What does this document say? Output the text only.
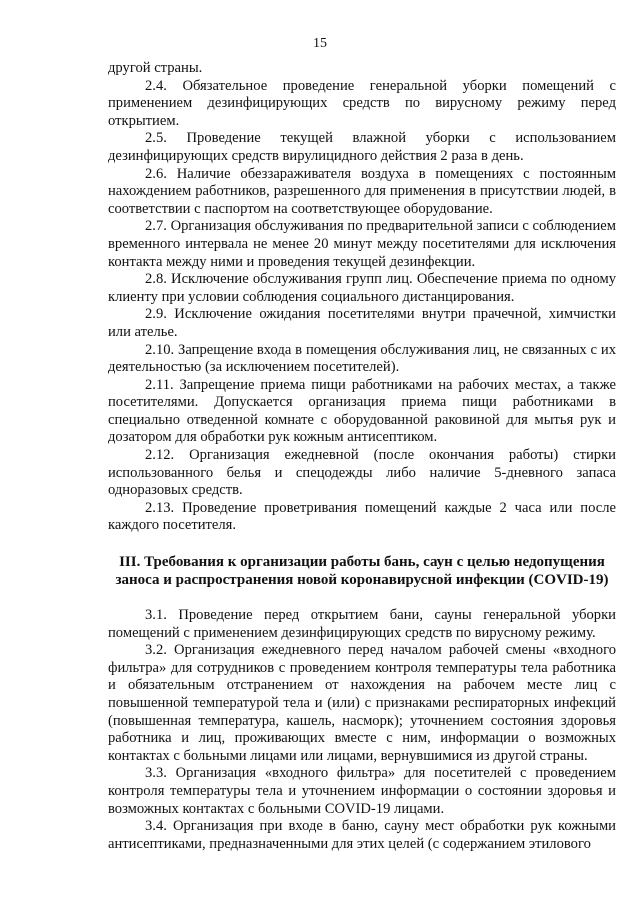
15

другой страны.

2.4. Обязательное проведение генеральной уборки помещений с применением дезинфицирующих средств по вирусному режиму перед открытием.

2.5. Проведение текущей влажной уборки с использованием дезинфицирующих средств вирулицидного действия 2 раза в день.

2.6. Наличие обеззараживателя воздуха в помещениях с постоянным нахождением работников, разрешенного для применения в присутствии людей, в соответствии с паспортом на соответствующее оборудование.

2.7. Организация обслуживания по предварительной записи с соблюдением временного интервала не менее 20 минут между посетителями для исключения контакта между ними и проведения текущей дезинфекции.

2.8. Исключение обслуживания групп лиц. Обеспечение приема по одному клиенту при условии соблюдения социального дистанцирования.

2.9. Исключение ожидания посетителями внутри прачечной, химчистки или ателье.

2.10. Запрещение входа в помещения обслуживания лиц, не связанных с их деятельностью (за исключением посетителей).

2.11. Запрещение приема пищи работниками на рабочих местах, а также посетителями. Допускается организация приема пищи работниками в специально отведенной комнате с оборудованной раковиной для мытья рук и дозатором для обработки рук кожным антисептиком.

2.12. Организация ежедневной (после окончания работы) стирки использованного белья и спецодежды либо наличие 5-дневного запаса одноразовых средств.

2.13. Проведение проветривания помещений каждые 2 часа или после каждого посетителя.

III. Требования к организации работы бань, саун с целью недопущения
заноса и распространения новой коронавирусной инфекции (COVID-19)

3.1. Проведение перед открытием бани, сауны генеральной уборки помещений с применением дезинфицирующих средств по вирусному режиму.

3.2. Организация ежедневного перед началом рабочей смены «входного фильтра» для сотрудников с проведением контроля температуры тела работника и обязательным отстранением от нахождения на рабочем месте лиц с повышенной температурой тела и (или) с признаками респираторных инфекций (повышенная температура, кашель, насморк); уточнением состояния здоровья работника и лиц, проживающих вместе с ним, информации о возможных контактах с больными лицами или лицами, вернувшимися из другой страны.

3.3. Организация «входного фильтра» для посетителей с проведением контроля температуры тела и уточнением информации о состоянии здоровья и возможных контактах с больными COVID-19 лицами.

3.4. Организация при входе в баню, сауну мест обработки рук кожными антисептиками, предназначенными для этих целей (с содержанием этилового
